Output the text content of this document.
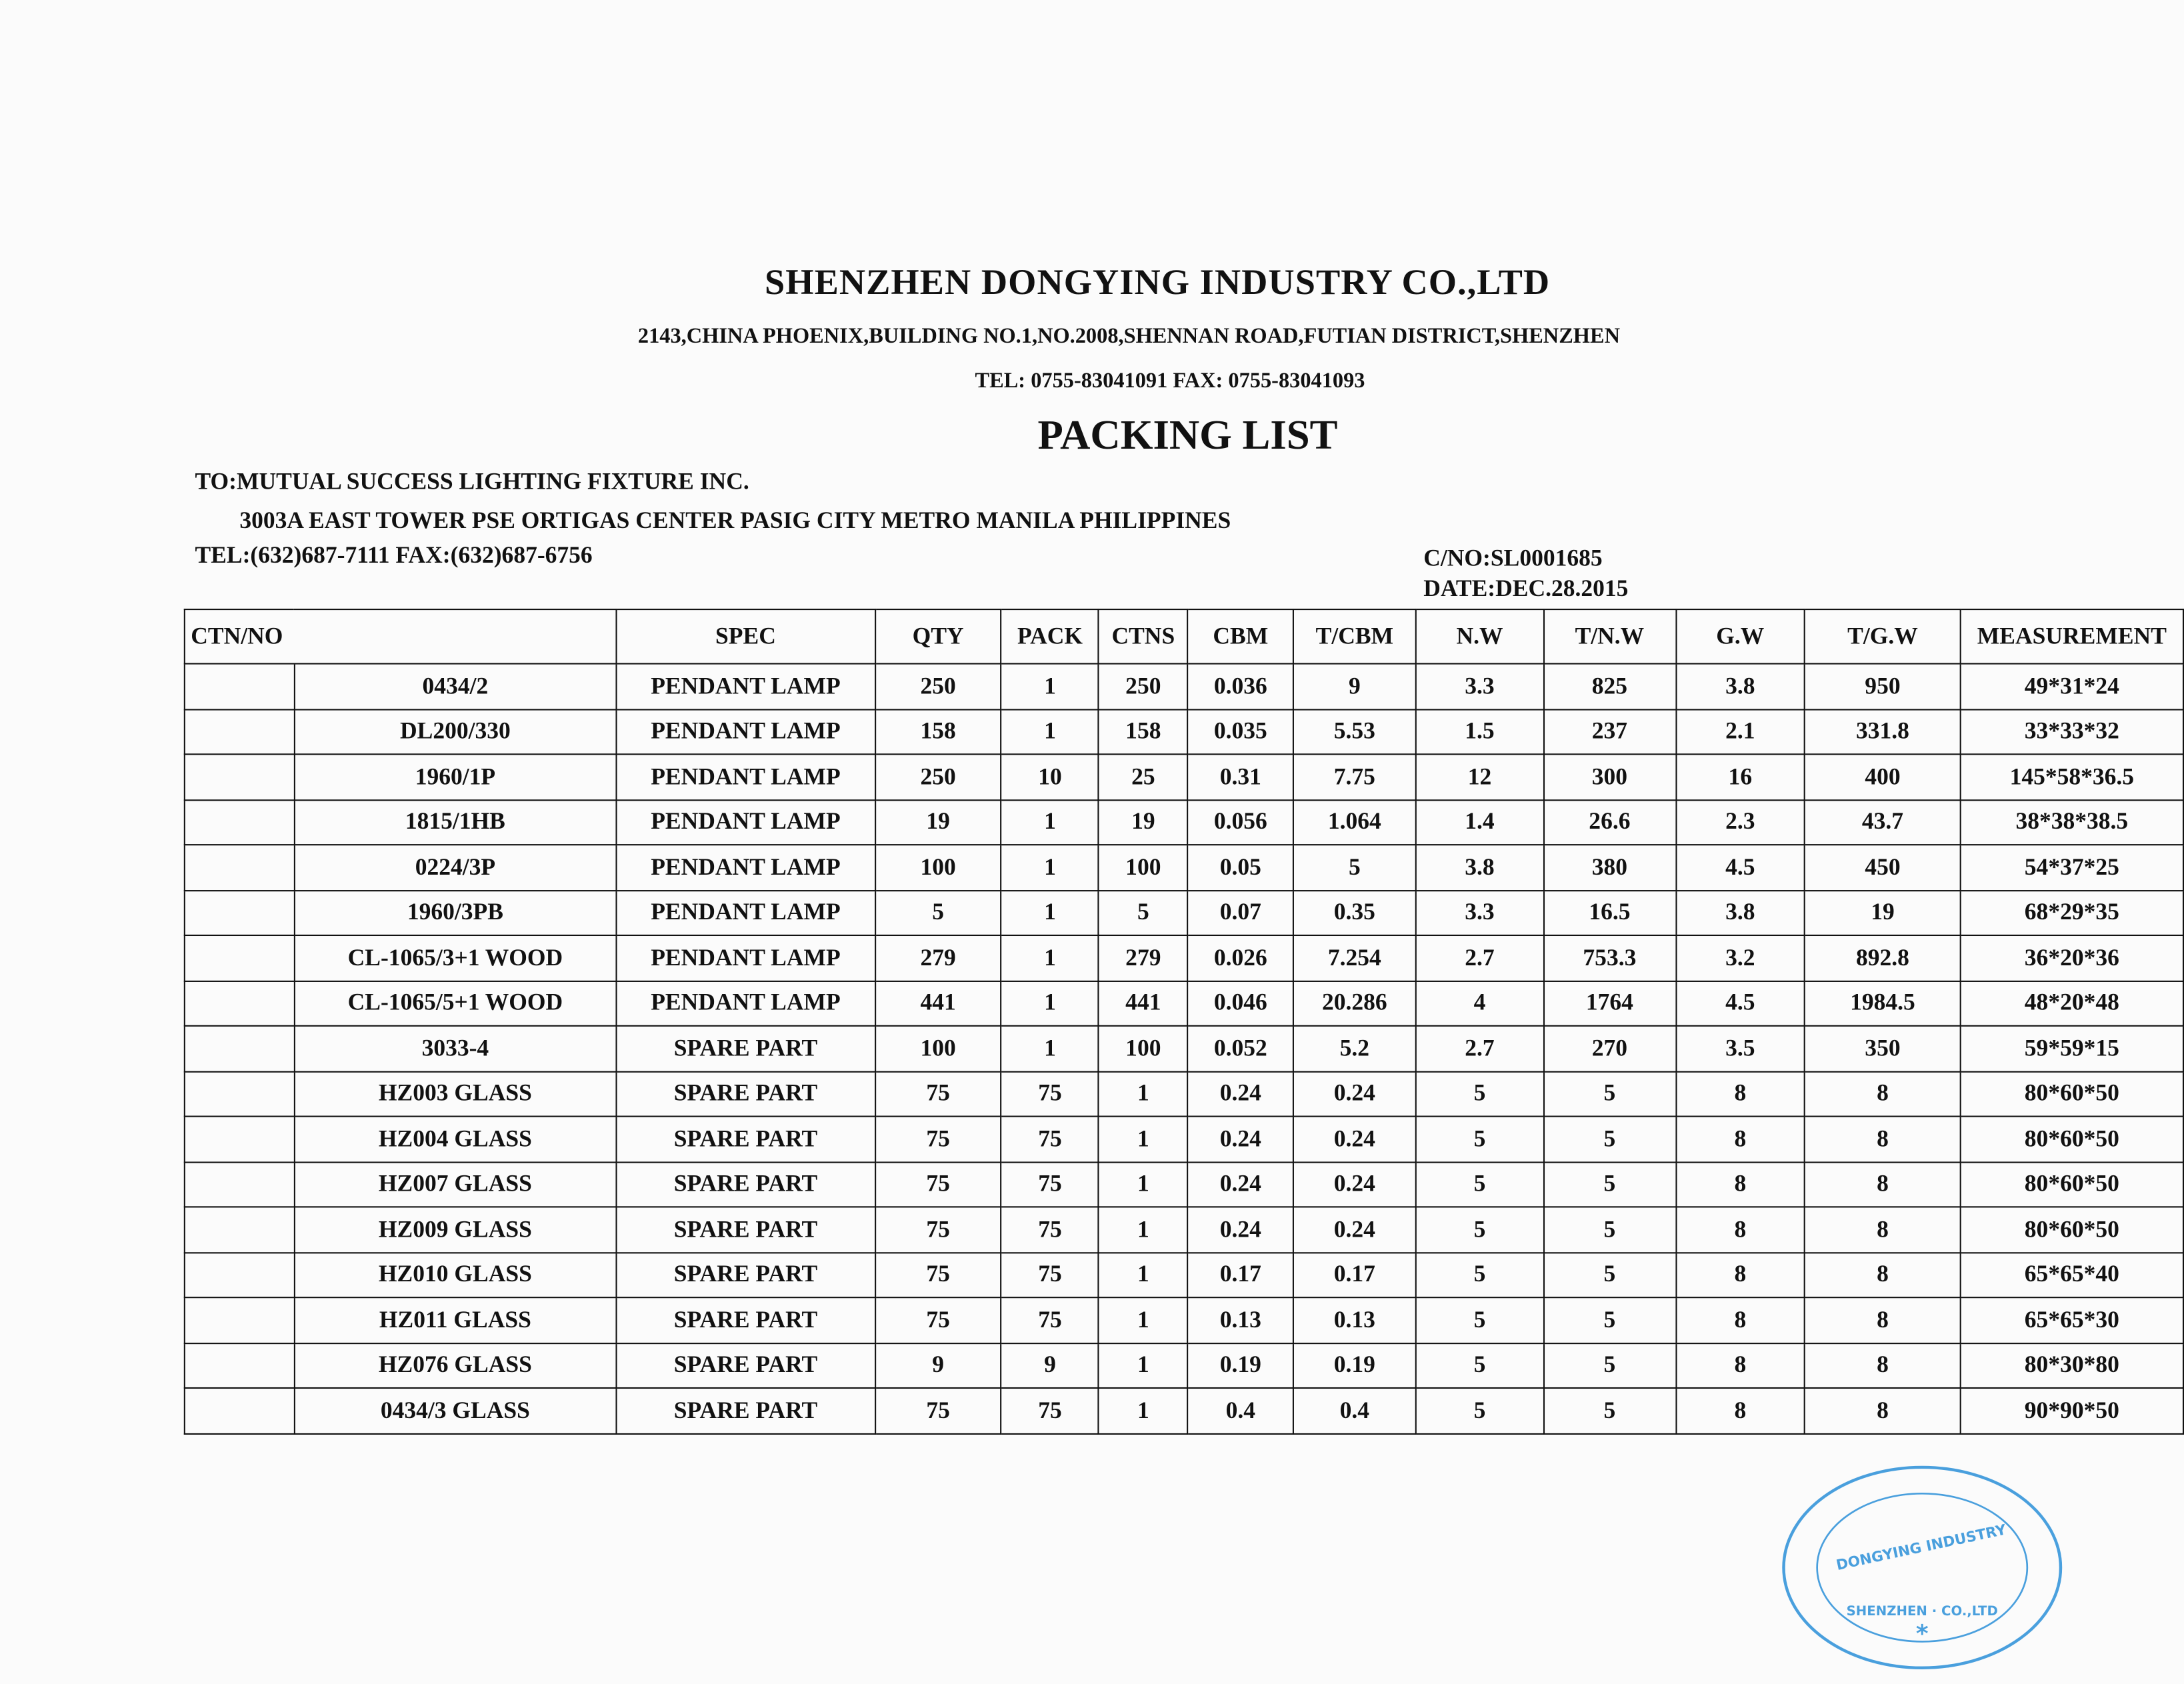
SHENZHEN DONGYING INDUSTRY CO.,LTD
2143,CHINA PHOENIX,BUILDING NO.1,NO.2008,SHENNAN ROAD,FUTIAN DISTRICT,SHENZHEN
TEL: 0755-83041091 FAX: 0755-83041093
PACKING LIST
TO:MUTUAL SUCCESS LIGHTING FIXTURE INC.
3003A EAST TOWER PSE ORTIGAS CENTER PASIG CITY METRO MANILA PHILIPPINES
TEL:(632)687-7111 FAX:(632)687-6756	C/NO:SL0001685
DATE:DEC.28.2015
CTN/NO		SPEC	QTY	PACK	CTNS	CBM	T/CBM	N.W	T/N.W	G.W	T/G.W	MEASUREMENT
	0434/2	PENDANT LAMP	250	1	250	0.036	9	3.3	825	3.8	950	49*31*24
	DL200/330	PENDANT LAMP	158	1	158	0.035	5.53	1.5	237	2.1	331.8	33*33*32
	1960/1P	PENDANT LAMP	250	10	25	0.31	7.75	12	300	16	400	145*58*36.5
	1815/1HB	PENDANT LAMP	19	1	19	0.056	1.064	1.4	26.6	2.3	43.7	38*38*38.5
	0224/3P	PENDANT LAMP	100	1	100	0.05	5	3.8	380	4.5	450	54*37*25
	1960/3PB	PENDANT LAMP	5	1	5	0.07	0.35	3.3	16.5	3.8	19	68*29*35
	CL-1065/3+1 WOOD	PENDANT LAMP	279	1	279	0.026	7.254	2.7	753.3	3.2	892.8	36*20*36
	CL-1065/5+1 WOOD	PENDANT LAMP	441	1	441	0.046	20.286	4	1764	4.5	1984.5	48*20*48
	3033-4	SPARE PART	100	1	100	0.052	5.2	2.7	270	3.5	350	59*59*15
	HZ003 GLASS	SPARE PART	75	75	1	0.24	0.24	5	5	8	8	80*60*50
	HZ004 GLASS	SPARE PART	75	75	1	0.24	0.24	5	5	8	8	80*60*50
	HZ007 GLASS	SPARE PART	75	75	1	0.24	0.24	5	5	8	8	80*60*50
	HZ009 GLASS	SPARE PART	75	75	1	0.24	0.24	5	5	8	8	80*60*50
	HZ010 GLASS	SPARE PART	75	75	1	0.17	0.17	5	5	8	8	65*65*40
	HZ011 GLASS	SPARE PART	75	75	1	0.13	0.13	5	5	8	8	65*65*30
	HZ076 GLASS	SPARE PART	9	9	1	0.19	0.19	5	5	8	8	80*30*80
	0434/3 GLASS	SPARE PART	75	75	1	0.4	0.4	5	5	8	8	90*90*50
*
DONGYING INDUSTRY
SHENZHEN · CO.,LTD
